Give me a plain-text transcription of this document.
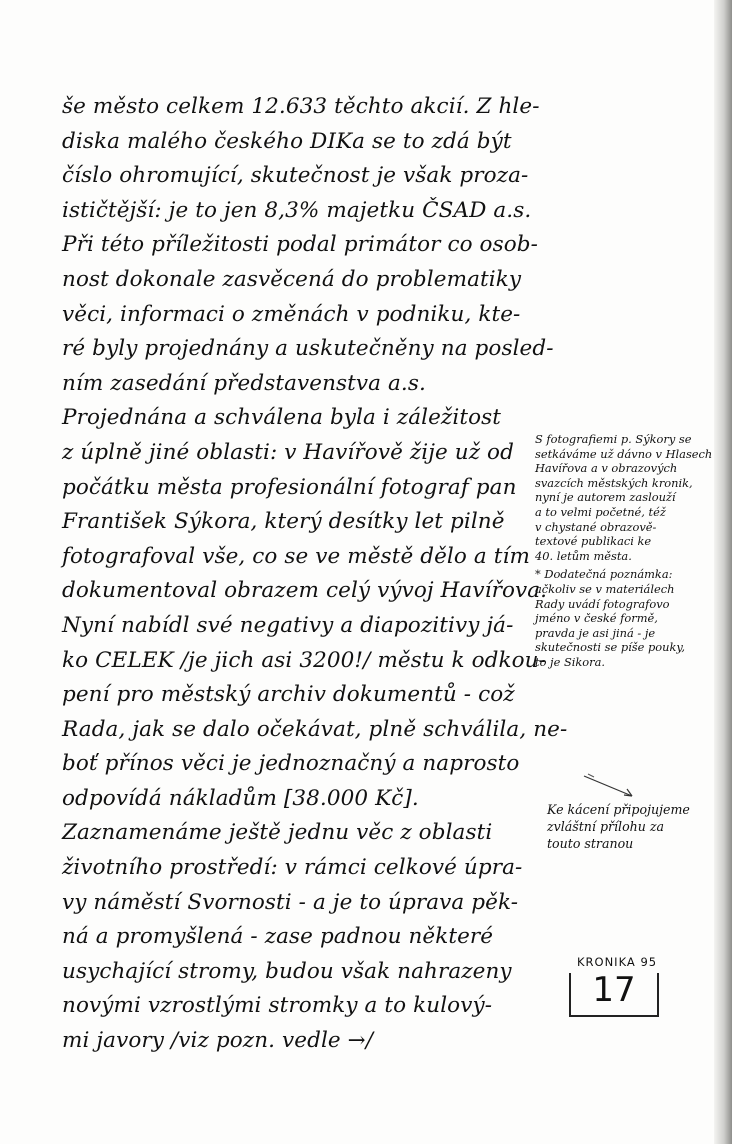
še město celkem 12.633 těchto akcií. Z hle-
diska malého českého DIKa se to zdá být
číslo ohromující, skutečnost je však proza-
ističtější: je to jen 8,3% majetku ČSAD a.s.
Při této příležitosti podal primátor co osob-
nost dokonale zasvěcená do problematiky
věci, informaci o změnách v podniku, kte-
ré byly projednány a uskutečněny na posled-
ním zasedání představenstva a.s.
Projednána a schválena byla i záležitost
z úplně jiné oblasti: v Havířově žije už od
počátku města profesionální fotograf pan
František Sýkora, který desítky let pilně
fotografoval vše, co se ve městě dělo a tím
dokumentoval obrazem celý vývoj Havířova.
Nyní nabídl své negativy a diapozitivy já-
ko CELEK /je jich asi 3200!/ městu k odkou-
pení pro městský archiv dokumentů - což
Rada, jak se dalo očekávat, plně schválila, ne-
boť přínos věci je jednoznačný a naprosto
odpovídá nákladům [38.000 Kč].
Zaznamenáme ještě jednu věc z oblasti
životního prostředí: v rámci celkové úpra-
vy náměstí Svornosti - a je to úprava pěk-
ná a promyšlená - zase padnou některé
usychající stromy, budou však nahrazeny
novými vzrostlými stromky a to kulový-
mi javory /viz pozn. vedle →/
S fotografiemi p. Sýkory se
setkáváme už dávno v Hlasech
Havířova a v obrazových
svazcích městských kronik,
nyní je autorem zaslouží
a to velmi početné, též
v chystané obrazově-
textové publikaci ke
40. letům města.
* Dodatečná poznámka:
ačkoliv se v materiálech
Rady uvádí fotografovo
jméno v české formě,
pravda je asi jiná - je
skutečnosti se píše pouky,
to je Sikora.
Ke kácení připojujeme
zvláštní přílohu za
touto stranou
KRONIKA 95
17
